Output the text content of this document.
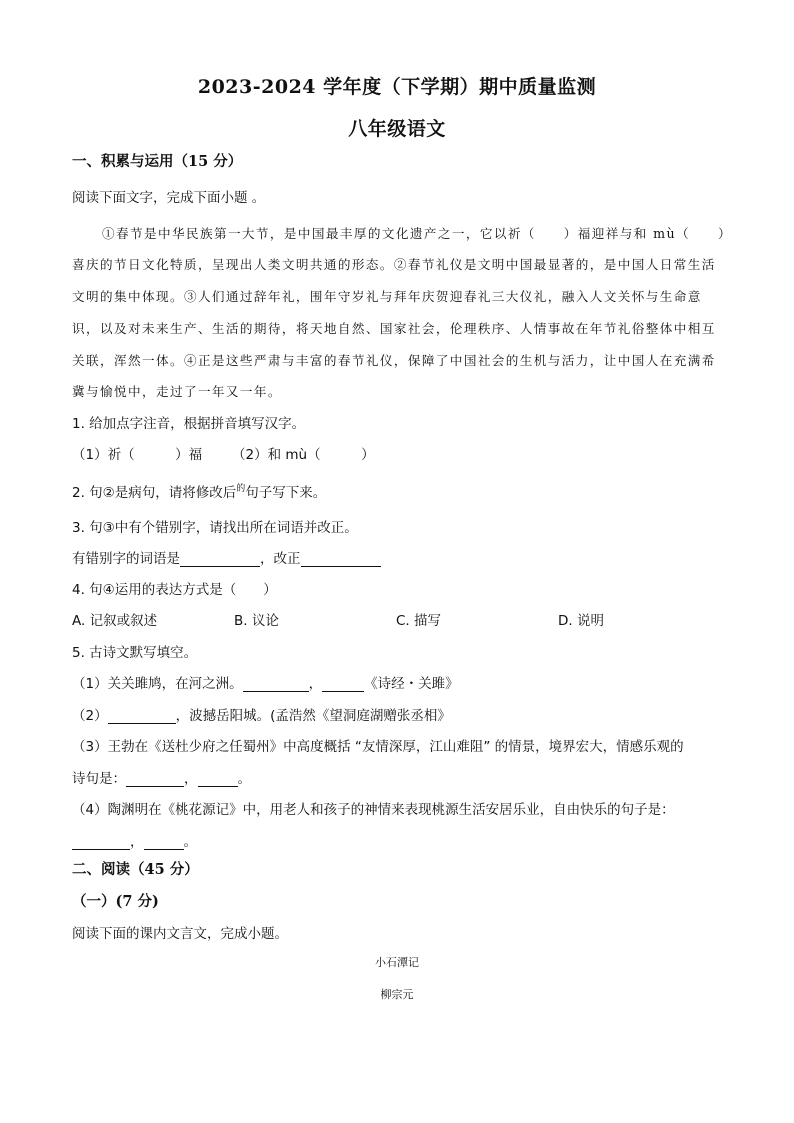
2023-2024 学年度（下学期）期中质量监测
八年级语文
一、积累与运用（15 分）
阅读下面文字，完成下面小题 。
①春节是中华民族第一大节，是中国最丰厚的文化遗产之一，它以祈（　　）福迎祥与和 mù（　　）
喜庆的节日文化特质，呈现出人类文明共通的形态。②春节礼仪是文明中国最显著的，是中国人日常生活
文明的集中体现。③人们通过辞年礼，围年守岁礼与拜年庆贺迎春礼三大仪礼，融入人文关怀与生命意
识，以及对未来生产、生活的期待，将天地自然、国家社会，伦理秩序、人情事故在年节礼俗整体中相互
关联，浑然一体。④正是这些严肃与丰富的春节礼仪，保障了中国社会的生机与活力，让中国人在充满希
冀与愉悦中，走过了一年又一年。
1. 给加点字注音，根据拼音填写汉字。
（1）祈（　　　）福 （2）和 mù（　　　）
2. 句②是病句，请将修改后$^的$句子写下来。
3. 句③中有个错别字，请找出所在词语并改正。
有错别字的词语是	，改正
4. 句④运用的表达方式是（　　）
A. 记叙或叙述	B. 议论	C. 描写	D. 说明
5. 古诗文默写填空。
（1）关关雎鸠，在河之洲。	，	《诗经・关雎》
（2）	，波撼岳阳城。(孟浩然《望洞庭湖赠张丞相》
（3）王勃在《送杜少府之任蜀州》中高度概括 “友情深厚，江山难阻” 的情景，境界宏大，情感乐观的
诗句是：	，	。
（4）陶渊明在《桃花源记》中，用老人和孩子的神情来表现桃源生活安居乐业，自由快乐的句子是：
，	。
二、阅读（45 分）
（一）(7 分)
阅读下面的课内文言文，完成小题。
小石潭记
柳宗元
